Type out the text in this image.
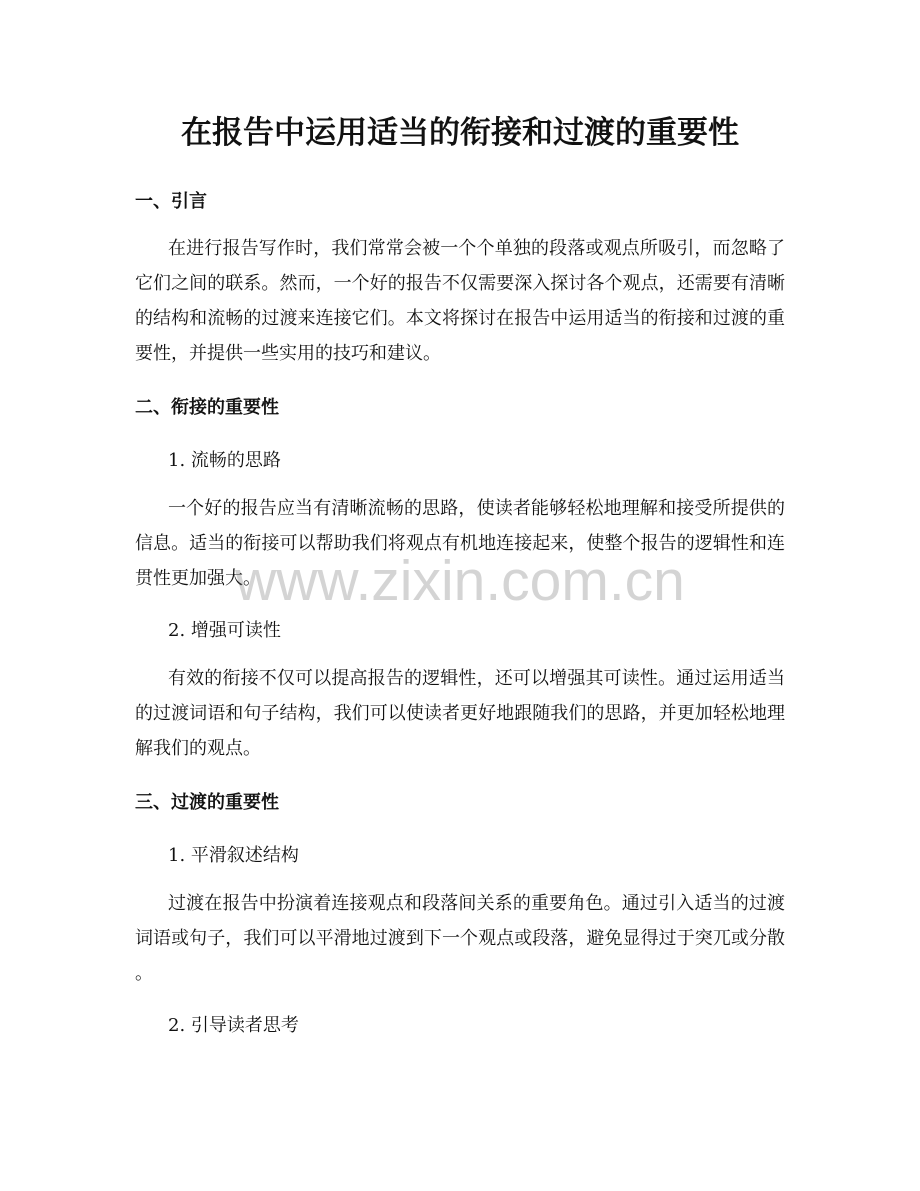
在报告中运用适当的衔接和过渡的重要性
一、引言
在进行报告写作时，我们常常会被一个个单独的段落或观点所吸引，而忽略了
它们之间的联系。然而，一个好的报告不仅需要深入探讨各个观点，还需要有清晰
的结构和流畅的过渡来连接它们。本文将探讨在报告中运用适当的衔接和过渡的重
要性，并提供一些实用的技巧和建议。
二、衔接的重要性
1. 流畅的思路
一个好的报告应当有清晰流畅的思路，使读者能够轻松地理解和接受所提供的
信息。适当的衔接可以帮助我们将观点有机地连接起来，使整个报告的逻辑性和连
贯性更加强大。
2. 增强可读性
有效的衔接不仅可以提高报告的逻辑性，还可以增强其可读性。通过运用适当
的过渡词语和句子结构，我们可以使读者更好地跟随我们的思路，并更加轻松地理
解我们的观点。
三、过渡的重要性
1. 平滑叙述结构
过渡在报告中扮演着连接观点和段落间关系的重要角色。通过引入适当的过渡
词语或句子，我们可以平滑地过渡到下一个观点或段落，避免显得过于突兀或分散
。
2. 引导读者思考
www.zixin.com.cn
